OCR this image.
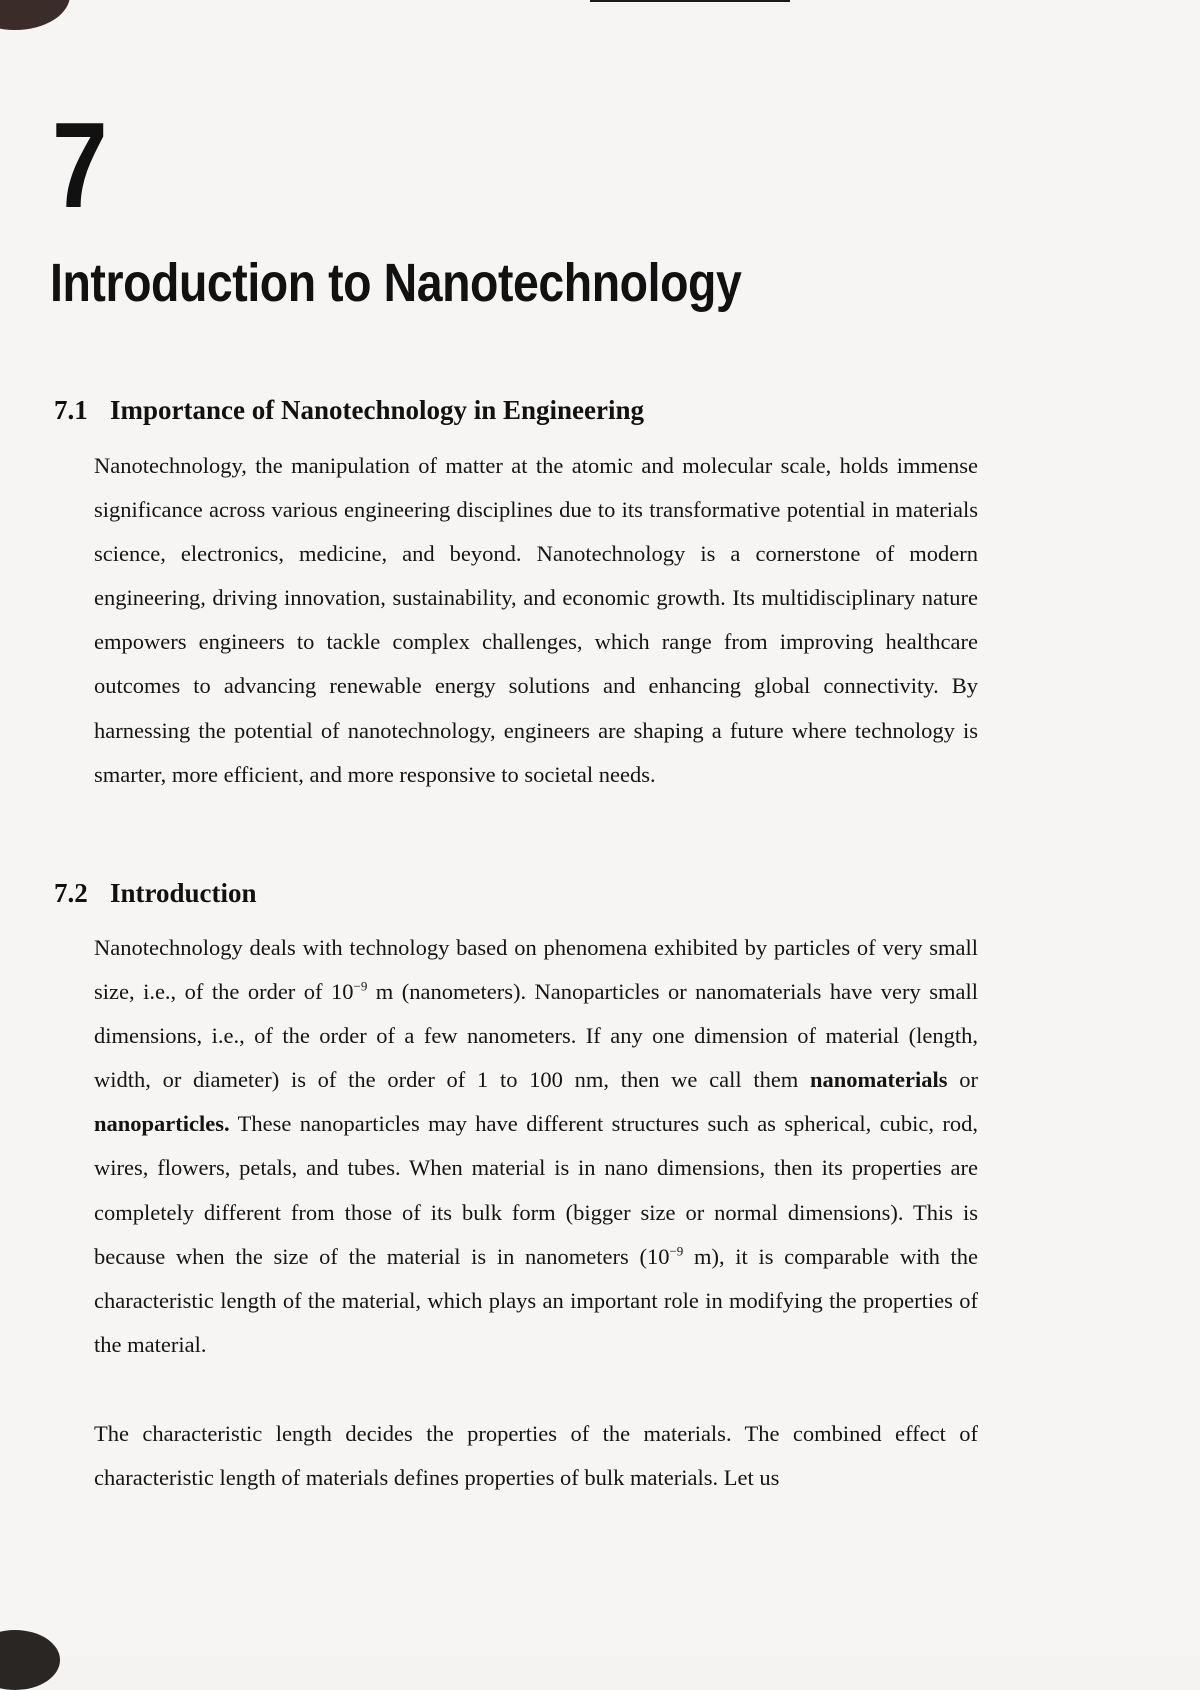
7
Introduction to Nanotechnology
7.1 Importance of Nanotechnology in Engineering

Nanotechnology, the manipulation of matter at the atomic and molecular scale, holds immense significance across various engineering disciplines due to its transformative potential in materials science, electronics, medicine, and beyond. Nanotechnology is a cornerstone of modern engineering, driving innovation, sustainability, and economic growth. Its multidisciplinary nature empowers engineers to tackle complex challenges, which range from improving healthcare outcomes to advancing renewable energy solutions and enhancing global connectivity. By harnessing the potential of nanotechnology, engineers are shaping a future where technology is smarter, more efficient, and more responsive to societal needs.

7.2 Introduction

Nanotechnology deals with technology based on phenomena exhibited by particles of very small size, i.e., of the order of $10^{-9}$ m (nanometers). Nanoparticles or nanomaterials have very small dimensions, i.e., of the order of a few nanometers. If any one dimension of material (length, width, or diameter) is of the order of 1 to 100 nm, then we call them nanomaterials or nanoparticles. These nanoparticles may have different structures such as spherical, cubic, rod, wires, flowers, petals, and tubes. When material is in nano dimensions, then its properties are completely different from those of its bulk form (bigger size or normal dimensions). This is because when the size of the material is in nanometers ($10^{-9}$ m), it is comparable with the characteristic length of the material, which plays an important role in modifying the properties of the material.

The characteristic length decides the properties of the materials. The combined effect of characteristic length of materials defines properties of bulk materials. Let us
